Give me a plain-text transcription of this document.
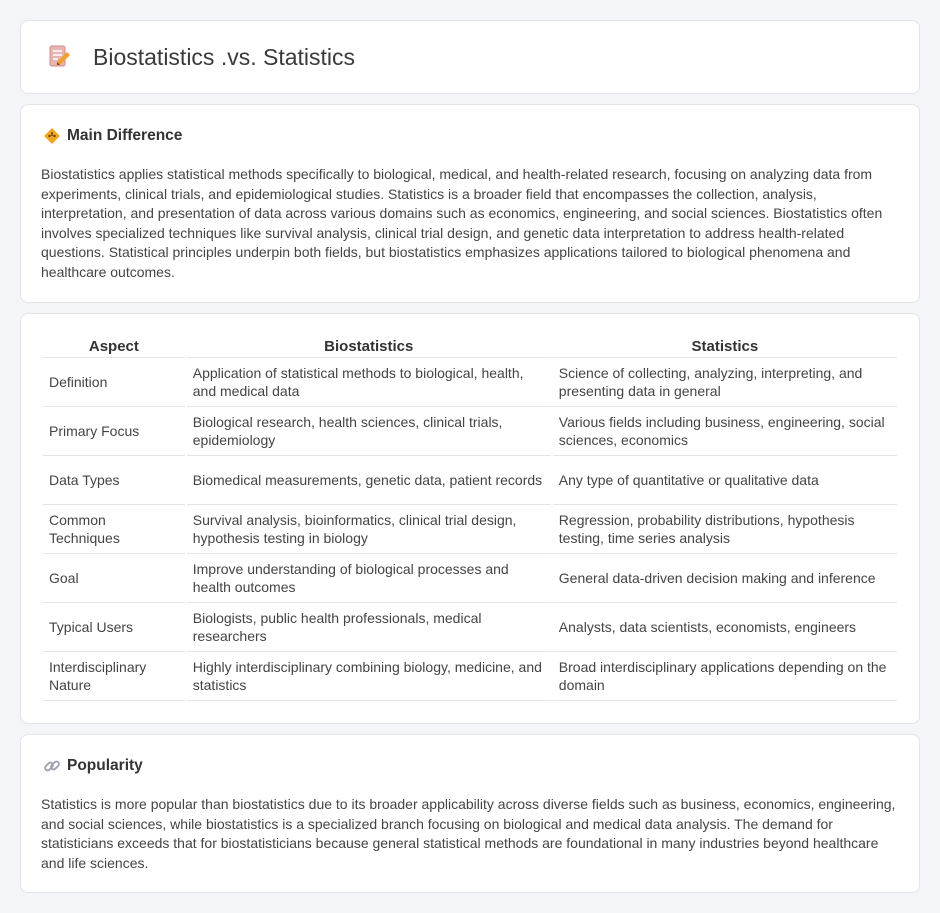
Biostatistics .vs. Statistics
Main Difference

Biostatistics applies statistical methods specifically to biological, medical, and health-related research, focusing on analyzing data from experiments, clinical trials, and epidemiological studies. Statistics is a broader field that encompasses the collection, analysis, interpretation, and presentation of data across various domains such as economics, engineering, and social sciences. Biostatistics often involves specialized techniques like survival analysis, clinical trial design, and genetic data interpretation to address health-related questions. Statistical principles underpin both fields, but biostatistics emphasizes applications tailored to biological phenomena and healthcare outcomes.

Aspect	Biostatistics	Statistics
Definition	Application of statistical methods to biological, health, and medical data	Science of collecting, analyzing, interpreting, and presenting data in general
Primary Focus	Biological research, health sciences, clinical trials, epidemiology	Various fields including business, engineering, social sciences, economics
Data Types	Biomedical measurements, genetic data, patient records	Any type of quantitative or qualitative data
Common Techniques	Survival analysis, bioinformatics, clinical trial design, hypothesis testing in biology	Regression, probability distributions, hypothesis testing, time series analysis
Goal	Improve understanding of biological processes and health outcomes	General data-driven decision making and inference
Typical Users	Biologists, public health professionals, medical researchers	Analysts, data scientists, economists, engineers
Interdisciplinary Nature	Highly interdisciplinary combining biology, medicine, and statistics	Broad interdisciplinary applications depending on the domain
Popularity

Statistics is more popular than biostatistics due to its broader applicability across diverse fields such as business, economics, engineering, and social sciences, while biostatistics is a specialized branch focusing on biological and medical data analysis. The demand for statisticians exceeds that for biostatisticians because general statistical methods are foundational in many industries beyond healthcare and life sciences.
